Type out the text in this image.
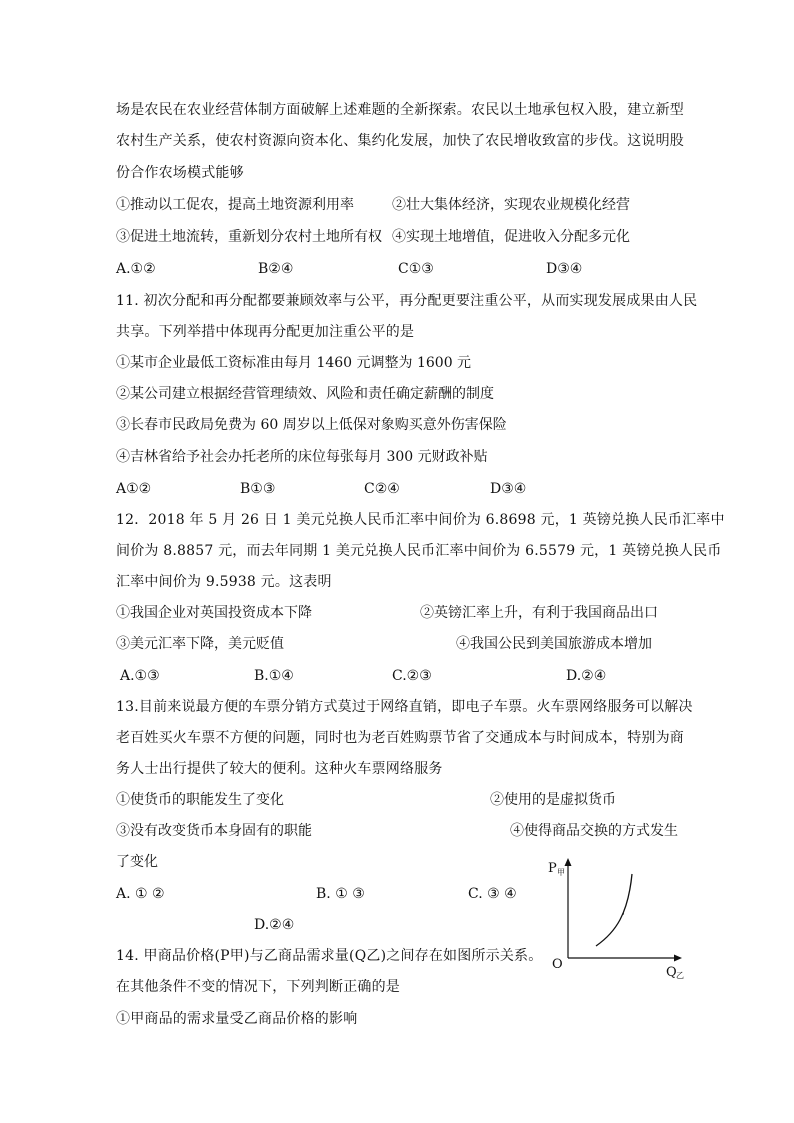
场是农民在农业经营体制方面破解上述难题的全新探索。农民以土地承包权入股，建立新型
农村生产关系，使农村资源向资本化、集约化发展，加快了农民增收致富的步伐。这说明股
份合作农场模式能够
①推动以工促农，提高土地资源利用率	②壮大集体经济，实现农业规模化经营
③促进土地流转，重新划分农村土地所有权 ④实现土地增值，促进收入分配多元化
A.①②	B②④	C①③	D③④
11. 初次分配和再分配都要兼顾效率与公平，再分配更要注重公平，从而实现发展成果由人民
共享。下列举措中体现再分配更加注重公平的是
①某市企业最低工资标准由每月 1460 元调整为 1600 元
②某公司建立根据经营管理绩效、风险和责任确定薪酬的制度
③长春市民政局免费为 60 周岁以上低保对象购买意外伤害保险
④吉林省给予社会办托老所的床位每张每月 300 元财政补贴
A①②	B①③	C②④	D③④
12．2018 年 5 月 26 日 1 美元兑换人民币汇率中间价为 6.8698 元，1 英镑兑换人民币汇率中
间价为 8.8857 元，而去年同期 1 美元兑换人民币汇率中间价为 6.5579 元，1 英镑兑换人民币
汇率中间价为 9.5938 元。这表明
①我国企业对英国投资成本下降	②英镑汇率上升，有利于我国商品出口
③美元汇率下降，美元贬值	④我国公民到美国旅游成本增加
A.①③	B.①④	C.②③	D.②④
13.目前来说最方便的车票分销方式莫过于网络直销，即电子车票。火车票网络服务可以解决
老百姓买火车票不方便的问题，同时也为老百姓购票节省了交通成本与时间成本，特别为商
务人士出行提供了较大的便利。这种火车票网络服务
①使货币的职能发生了变化	②使用的是虚拟货币
③没有改变货币本身固有的职能	④使得商品交换的方式发生
了变化
A. ① ②	B. ① ③	C. ③ ④
D.②④
14. 甲商品价格(P甲)与乙商品需求量(Q乙)之间存在如图所示关系。
在其他条件不变的情况下，下列判断正确的是
①甲商品的需求量受乙商品价格的影响
P 甲
O
Q 乙
